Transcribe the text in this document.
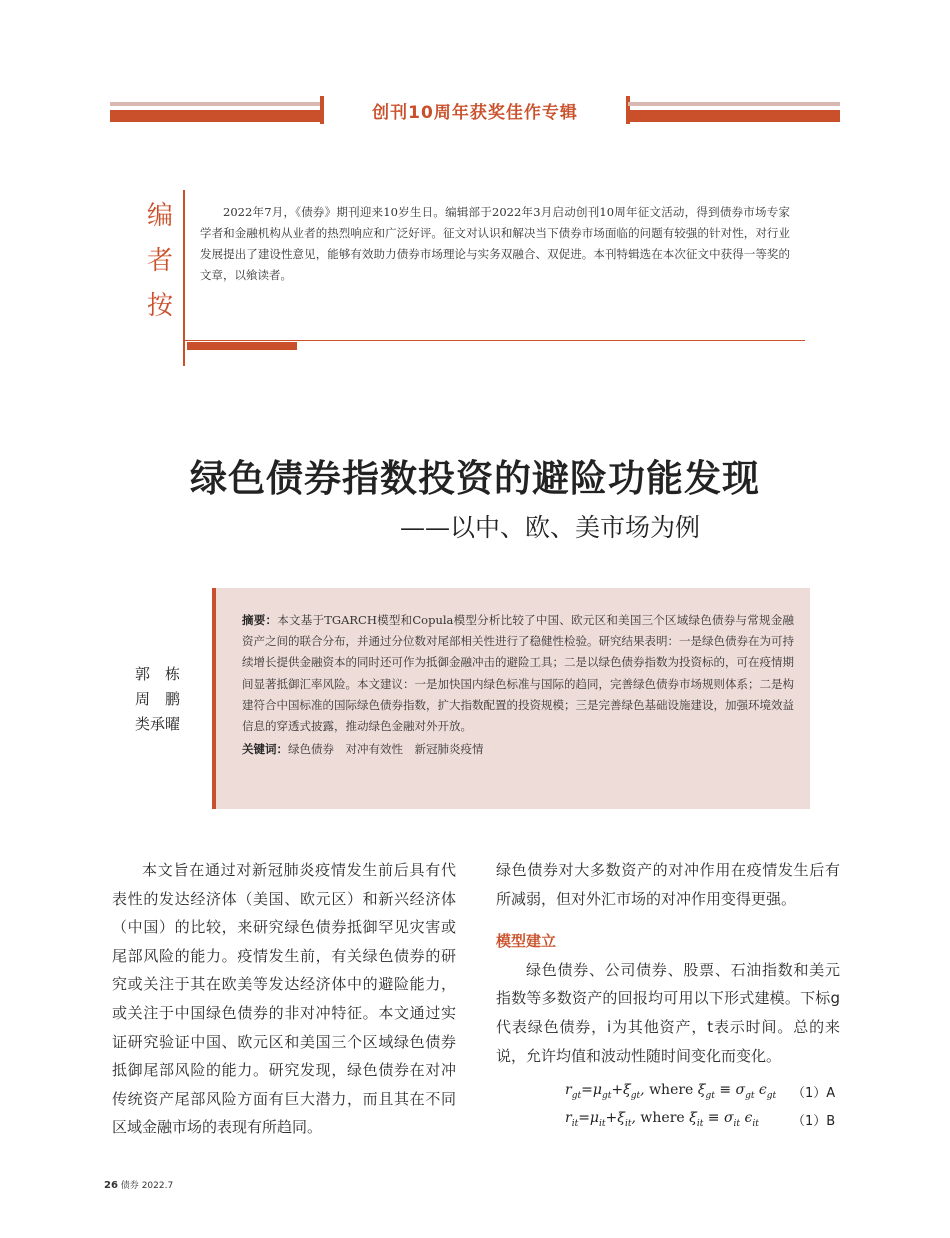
创刊10周年获奖佳作专辑
编
者
按
2022年7月，《债券》期刊迎来10岁生日。编辑部于2022年3月启动创刊10周年征文活动，得到债券市场专家学者和金融机构从业者的热烈响应和广泛好评。征文对认识和解决当下债券市场面临的问题有较强的针对性，对行业发展提出了建设性意见，能够有效助力债券市场理论与实务双融合、双促进。本刊特辑选在本次征文中获得一等奖的文章，以飨读者。
绿色债券指数投资的避险功能发现
——以中、欧、美市场为例
郭　栋
周　鹏
类承曜
摘要：本文基于TGARCH模型和Copula模型分析比较了中国、欧元区和美国三个区域绿色债券与常规金融资产之间的联合分布，并通过分位数对尾部相关性进行了稳健性检验。研究结果表明：一是绿色债券在为可持续增长提供金融资本的同时还可作为抵御金融冲击的避险工具；二是以绿色债券指数为投资标的，可在疫情期间显著抵御汇率风险。本文建议：一是加快国内绿色标准与国际的趋同，完善绿色债券市场规则体系；二是构建符合中国标准的国际绿色债券指数，扩大指数配置的投资规模；三是完善绿色基础设施建设，加强环境效益信息的穿透式披露，推动绿色金融对外开放。
关键词：绿色债券　对冲有效性　新冠肺炎疫情

本文旨在通过对新冠肺炎疫情发生前后具有代表性的发达经济体（美国、欧元区）和新兴经济体（中国）的比较，来研究绿色债券抵御罕见灾害或尾部风险的能力。疫情发生前，有关绿色债券的研究或关注于其在欧美等发达经济体中的避险能力，或关注于中国绿色债券的非对冲特征。本文通过实证研究验证中国、欧元区和美国三个区域绿色债券抵御尾部风险的能力。研究发现，绿色债券在对冲传统资产尾部风险方面有巨大潜力，而且其在不同区域金融市场的表现有所趋同。

绿色债券对大多数资产的对冲作用在疫情发生后有所减弱，但对外汇市场的对冲作用变得更强。

模型建立

绿色债券、公司债券、股票、石油指数和美元指数等多数资产的回报均可用以下形式建模。下标g代表绿色债券，i为其他资产，t表示时间。总的来说，允许均值和波动性随时间变化而变化。

$r_{gt}=\mu_{gt}+\xi_{gt}$, where $\xi_{gt} \equiv \sigma_{gt}$ $\epsilon_{gt}$ （1）A
$r_{it}=\mu_{it}+\xi_{it}$, where $\xi_{it} \equiv \sigma_{it}$ $\epsilon_{it}$	（1）B
26 债券 2022.7
